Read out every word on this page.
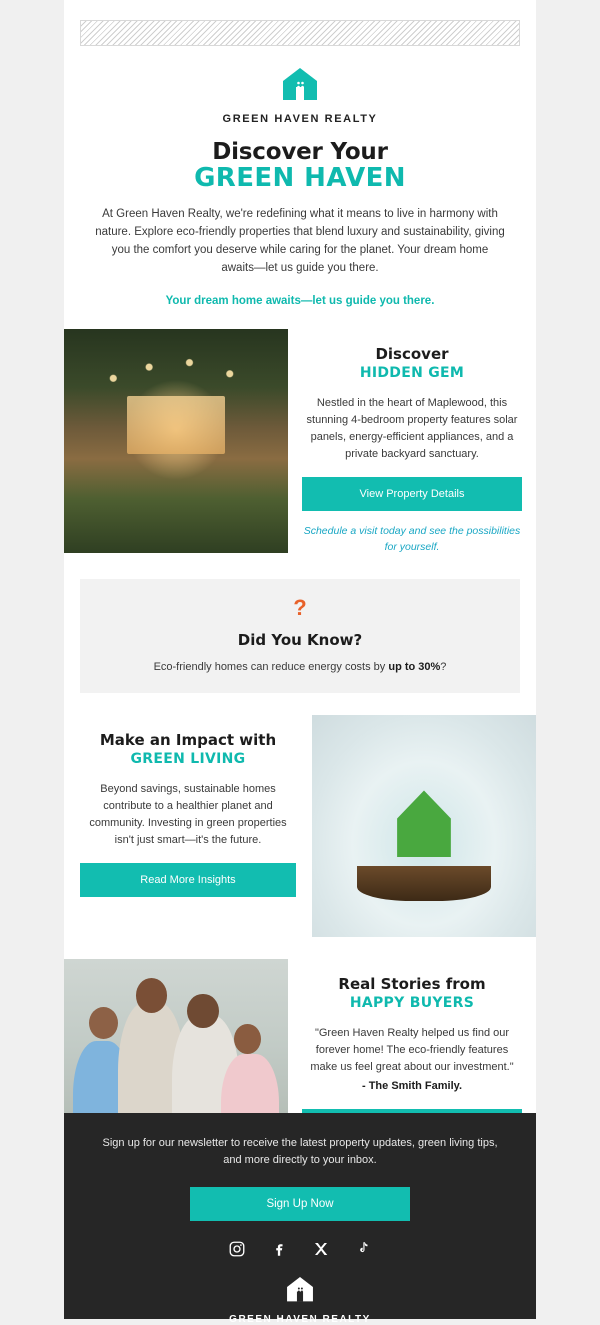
GREEN HAVEN REALTY
Discover Your
GREEN HAVEN

At Green Haven Realty, we're redefining what it means to live in harmony with nature. Explore eco-friendly properties that blend luxury and sustainability, giving you the comfort you deserve while caring for the planet. Your dream home awaits—let us guide you there.

Your dream home awaits—let us guide you there.

Discover
HIDDEN GEM

Nestled in the heart of Maplewood, this stunning 4-bedroom property features solar panels, energy-efficient appliances, and a private backyard sanctuary.

View Property Details

Schedule a visit today and see the possibilities for yourself.

?
Did You Know?

Eco-friendly homes can reduce energy costs by up to 30%?

Make an Impact with
GREEN LIVING

Beyond savings, sustainable homes contribute to a healthier planet and community. Investing in green properties isn't just smart—it's the future.

Read More Insights
Real Stories from
HAPPY BUYERS

"Green Haven Realty helped us find our forever home! The eco-friendly features make us feel great about our investment."

- The Smith Family.

Sign up for our newsletter to receive the latest property updates, green living tips, and more directly to your inbox.

Sign Up Now
GREEN HAVEN REALTY
